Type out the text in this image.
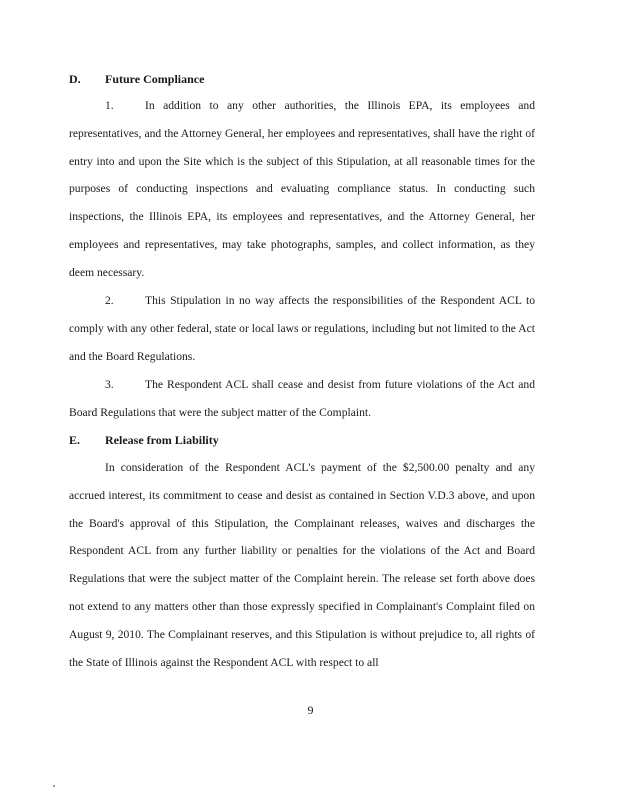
D. Future Compliance

1.	In addition to any other authorities, the Illinois EPA, its employees and representatives, and the Attorney General, her employees and representatives, shall have the right of entry into and upon the Site which is the subject of this Stipulation, at all reasonable times for the purposes of conducting inspections and evaluating compliance status. In conducting such inspections, the Illinois EPA, its employees and representatives, and the Attorney General, her employees and representatives, may take photographs, samples, and collect information, as they deem necessary.

2.	This Stipulation in no way affects the responsibilities of the Respondent ACL to comply with any other federal, state or local laws or regulations, including but not limited to the Act and the Board Regulations.

3.	The Respondent ACL shall cease and desist from future violations of the Act and Board Regulations that were the subject matter of the Complaint.

E. Release from Liability

In consideration of the Respondent ACL's payment of the $2,500.00 penalty and any accrued interest, its commitment to cease and desist as contained in Section V.D.3 above, and upon the Board's approval of this Stipulation, the Complainant releases, waives and discharges the Respondent ACL from any further liability or penalties for the violations of the Act and Board Regulations that were the subject matter of the Complaint herein. The release set forth above does not extend to any matters other than those expressly specified in Complainant's Complaint filed on August 9, 2010. The Complainant reserves, and this Stipulation is without prejudice to, all rights of the State of Illinois against the Respondent ACL with respect to all

9
